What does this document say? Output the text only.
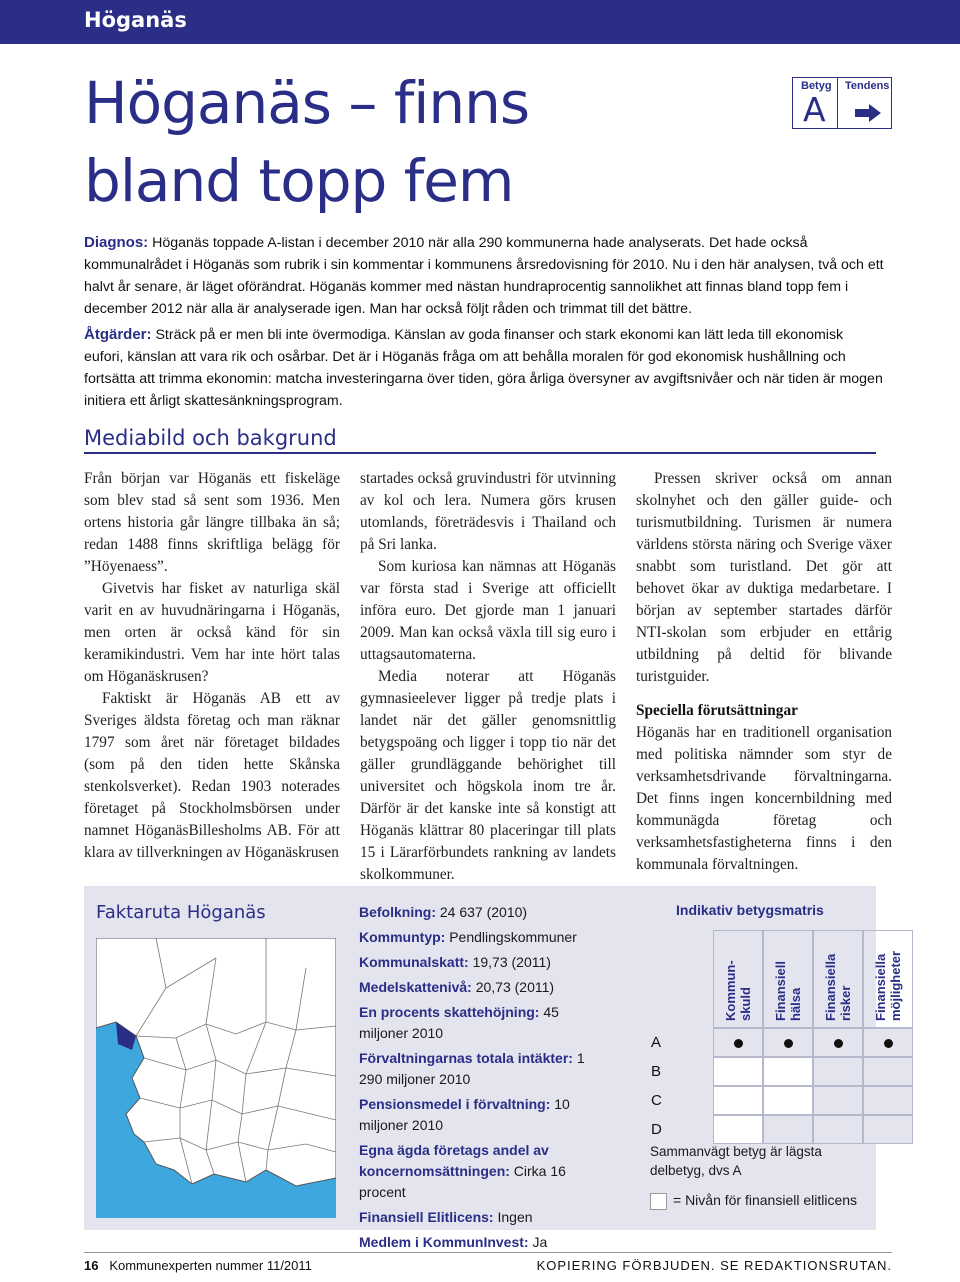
Höganäs
Höganäs – finns
bland topp fem
Betyg
A
Tendens
Diagnos: Höganäs toppade A-listan i december 2010 när alla 290 kommunerna hade analyserats. Det hade också kommunalrådet i Höganäs som rubrik i sin kommentar i kommunens årsredovisning för 2010. Nu i den här analysen, två och ett halvt år senare, är läget oförändrat. Höganäs kommer med nästan hundraprocentig sannolikhet att finnas bland topp fem i december 2012 när alla är analyserade igen. Man har också följt råden och trimmat till det bättre.
Åtgärder: Sträck på er men bli inte övermodiga. Känslan av goda finanser och stark ekonomi kan lätt leda till ekonomisk eufori, känslan att vara rik och osårbar. Det är i Höganäs fråga om att behålla moralen för god ekonomisk hushållning och fortsätta att trimma ekonomin: matcha investeringarna över tiden, göra årliga översyner av avgiftsnivåer och när tiden är mogen initiera ett årligt skattesänkningsprogram.
Mediabild och bakgrund

Från början var Höganäs ett fiskeläge som blev stad så sent som 1936. Men ortens historia går längre tillbaka än så; redan 1488 finns skriftliga belägg för ”Höyenaess”.

Givetvis har fisket av naturliga skäl varit en av huvudnäringarna i Höganäs, men orten är också känd för sin keramikindustri. Vem har inte hört talas om Höganäskrusen?

Faktiskt är Höganäs AB ett av Sveriges äldsta företag och man räknar 1797 som året när företaget bildades (som på den tiden hette Skånska stenkolsverket). Redan 1903 noterades företaget på Stockholmsbörsen under namnet HöganäsBillesholms AB. För att klara av tillverkningen av Höganäskrusen

startades också gruvindustri för utvinning av kol och lera. Numera görs krusen utomlands, företrädesvis i Thailand och på Sri lanka.

Som kuriosa kan nämnas att Höganäs var första stad i Sverige att officiellt införa euro. Det gjorde man 1 januari 2009. Man kan också växla till sig euro i uttagsautomaterna.

Media noterar att Höganäs gymnasieelever ligger på tredje plats i landet när det gäller genomsnittlig betygspoäng och ligger i topp tio när det gäller grundläggande behörighet till universitet och högskola inom tre år. Därför är det kanske inte så konstigt att Höganäs klättrar 80 placeringar till plats 15 i Lärarförbundets rankning av landets skolkommuner.

Pressen skriver också om annan skolnyhet och den gäller guide- och turismutbildning. Turismen är numera världens största näring och Sverige växer snabbt som turistland. Det gör att behovet ökar av duktiga medarbetare. I början av september startades därför NTI-skolan som erbjuder en ettårig utbildning på deltid för blivande turistguider.

Speciella förutsättningar

Höganäs har en traditionell organisation med politiska nämnder som styr de verksamhetsdrivande förvaltningarna. Det finns ingen koncernbildning med kommunägda företag och verksamhetsfastigheterna finns i den kommunala förvaltningen.

Faktaruta Höganäs	Befolkning: 24 637 (2010)
Kommuntyp: Pendlingskommuner
Kommunalskatt: 19,73 (2011)
Medelskattenivå: 20,73 (2011)
En procents skattehöjning: 45 miljoner 2010
Förvaltningarnas totala intäkter: 1 290 miljoner 2010
Pensionsmedel i förvaltning: 10 miljoner 2010
Egna ägda företags andel av koncernomsättningen: Cirka 16 procent
Finansiell Elitlicens: Ingen
Medlem i KommunInvest: Ja
Indikativ betygsmatris
Kommun-
skuld Finansiell
hälsa Finansiella
risker Finansiella
möjligheter
A
B
C
D
Sammanvägt betyg är lägsta delbetyg, dvs A
= Nivån för finansiell elitlicens
16 Kommunexperten nummer 11/2011	KOPIERING FÖRBJUDEN. SE REDAKTIONSRUTAN.
